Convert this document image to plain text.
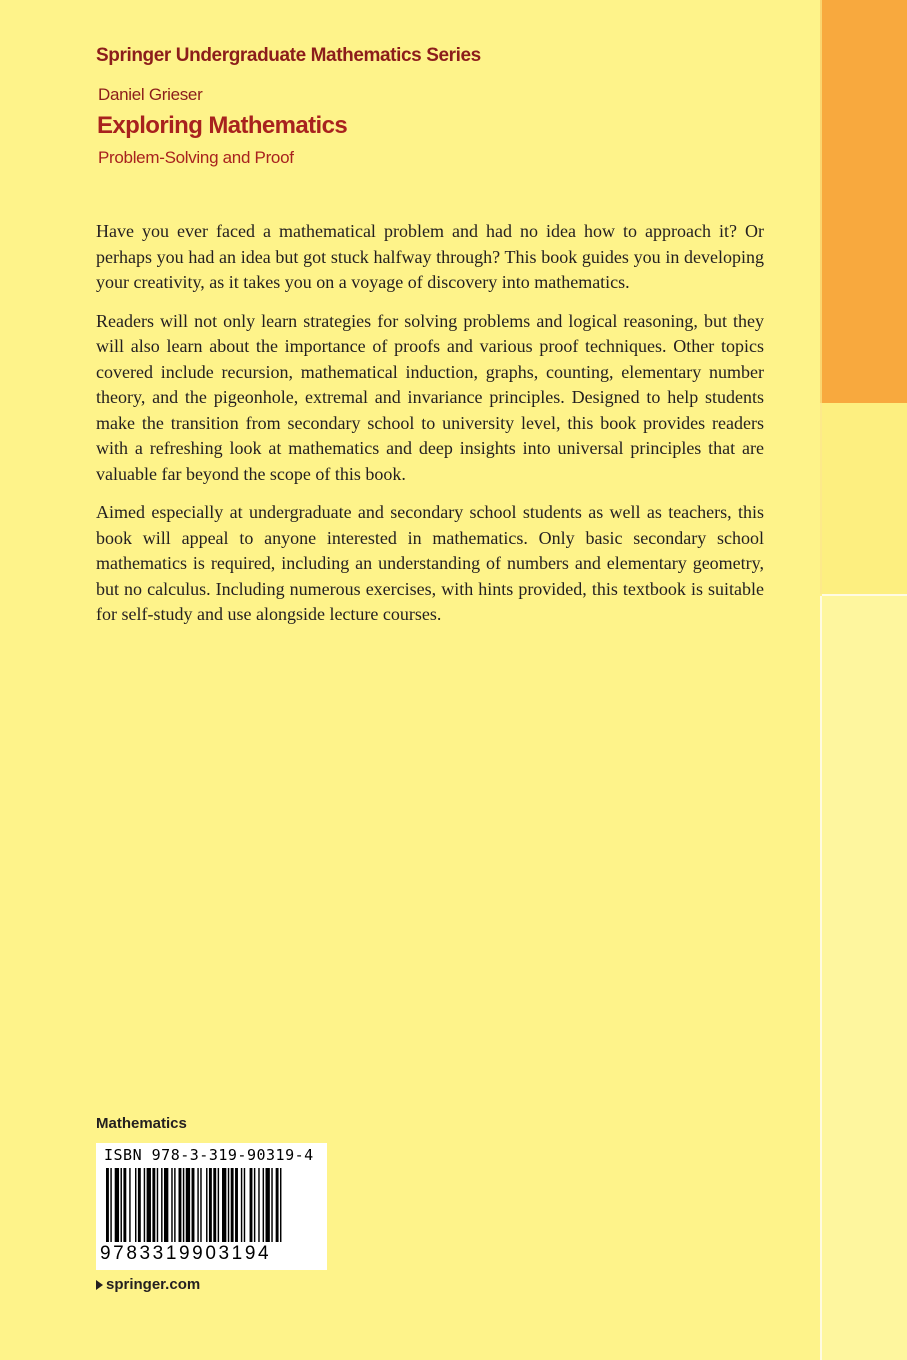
Springer Undergraduate Mathematics Series
Daniel Grieser
Exploring Mathematics
Problem-Solving and Proof

Have you ever faced a mathematical problem and had no idea how to approach it? Or perhaps you had an idea but got stuck halfway through? This book guides you in developing your creativity, as it takes you on a voyage of discovery into mathematics.

Readers will not only learn strategies for solving problems and logical reasoning, but they will also learn about the importance of proofs and various proof techniques. Other topics covered include recursion, mathematical induction, graphs, counting, elementary number theory, and the pigeonhole, extremal and invariance principles. Designed to help students make the transition from secondary school to university level, this book provides readers with a refreshing look at mathematics and deep insights into universal principles that are valuable far beyond the scope of this book.

Aimed especially at undergraduate and secondary school students as well as teachers, this book will appeal to anyone interested in mathematics. Only basic secondary school mathematics is required, including an understanding of numbers and elementary geometry, but no calculus. Including numerous exercises, with hints provided, this textbook is suitable for self-study and use alongside lecture courses.

Mathematics
ISBN 978-3-319-90319-4
9783319903194
springer.com
